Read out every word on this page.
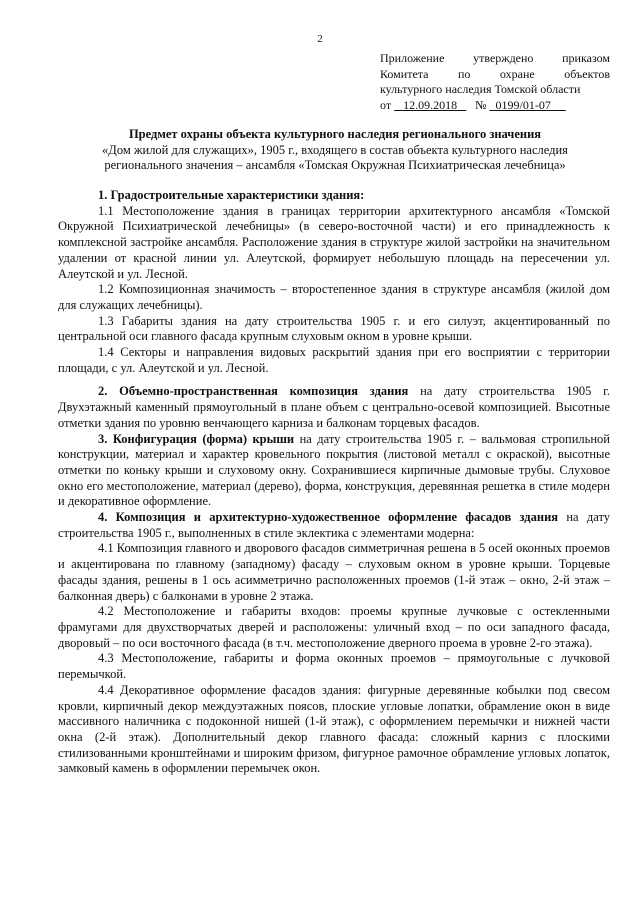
2
Приложение утверждено приказом
Комитета по охране объектов
культурного наследия Томской области
от 12.09.2018 № 0199/01-07
Предмет охраны объекта культурного наследия регионального значения
«Дом жилой для служащих», 1905 г., входящего в состав объекта культурного наследия
регионального значения – ансамбля «Томская Окружная Психиатрическая лечебница»

1. Градостроительные характеристики здания:

1.1 Местоположение здания в границах территории архитектурного ансамбля «Томской Окружной Психиатрической лечебницы» (в северо-восточной части) и его принадлежность к комплексной застройке ансамбля. Расположение здания в структуре жилой застройки на значительном удалении от красной линии ул. Алеутской, формирует небольшую площадь на пересечении ул. Алеутской и ул. Лесной.

1.2 Композиционная значимость – второстепенное здания в структуре ансамбля (жилой дом для служащих лечебницы).

1.3 Габариты здания на дату строительства 1905 г. и его силуэт, акцентированный по центральной оси главного фасада крупным слуховым окном в уровне крыши.

1.4 Секторы и направления видовых раскрытий здания при его восприятии с территории площади, с ул. Алеутской и ул. Лесной.

2. Объемно-пространственная композиция здания на дату строительства 1905 г. Двухэтажный каменный прямоугольный в плане объем с центрально-осевой композицией. Высотные отметки здания по уровню венчающего карниза и балконам торцевых фасадов.

3. Конфигурация (форма) крыши на дату строительства 1905 г. – вальмовая стропильной конструкции, материал и характер кровельного покрытия (листовой металл с окраской), высотные отметки по коньку крыши и слуховому окну. Сохранившиеся кирпичные дымовые трубы. Слуховое окно его местоположение, материал (дерево), форма, конструкция, деревянная решетка в стиле модерн и декоративное оформление.

4. Композиция и архитектурно-художественное оформление фасадов здания на дату строительства 1905 г., выполненных в стиле эклектика с элементами модерна:

4.1 Композиция главного и дворового фасадов симметричная решена в 5 осей оконных проемов и акцентирована по главному (западному) фасаду – слуховым окном в уровне крыши. Торцевые фасады здания, решены в 1 ось асимметрично расположенных проемов (1-й этаж – окно, 2-й этаж – балконная дверь) с балконами в уровне 2 этажа.

4.2 Местоположение и габариты входов: проемы крупные лучковые с остекленными фрамугами для двухстворчатых дверей и расположены: уличный вход – по оси западного фасада, дворовый – по оси восточного фасада (в т.ч. местоположение дверного проема в уровне 2-го этажа).

4.3 Местоположение, габариты и форма оконных проемов – прямоугольные с лучковой перемычкой.

4.4 Декоративное оформление фасадов здания: фигурные деревянные кобылки под свесом кровли, кирпичный декор междуэтажных поясов, плоские угловые лопатки, обрамление окон в виде массивного наличника с подоконной нишей (1-й этаж), с оформлением перемычки и нижней части окна (2-й этаж). Дополнительный декор главного фасада: сложный карниз с плоскими стилизованными кронштейнами и широким фризом, фигурное рамочное обрамление угловых лопаток, замковый камень в оформлении перемычек окон.
